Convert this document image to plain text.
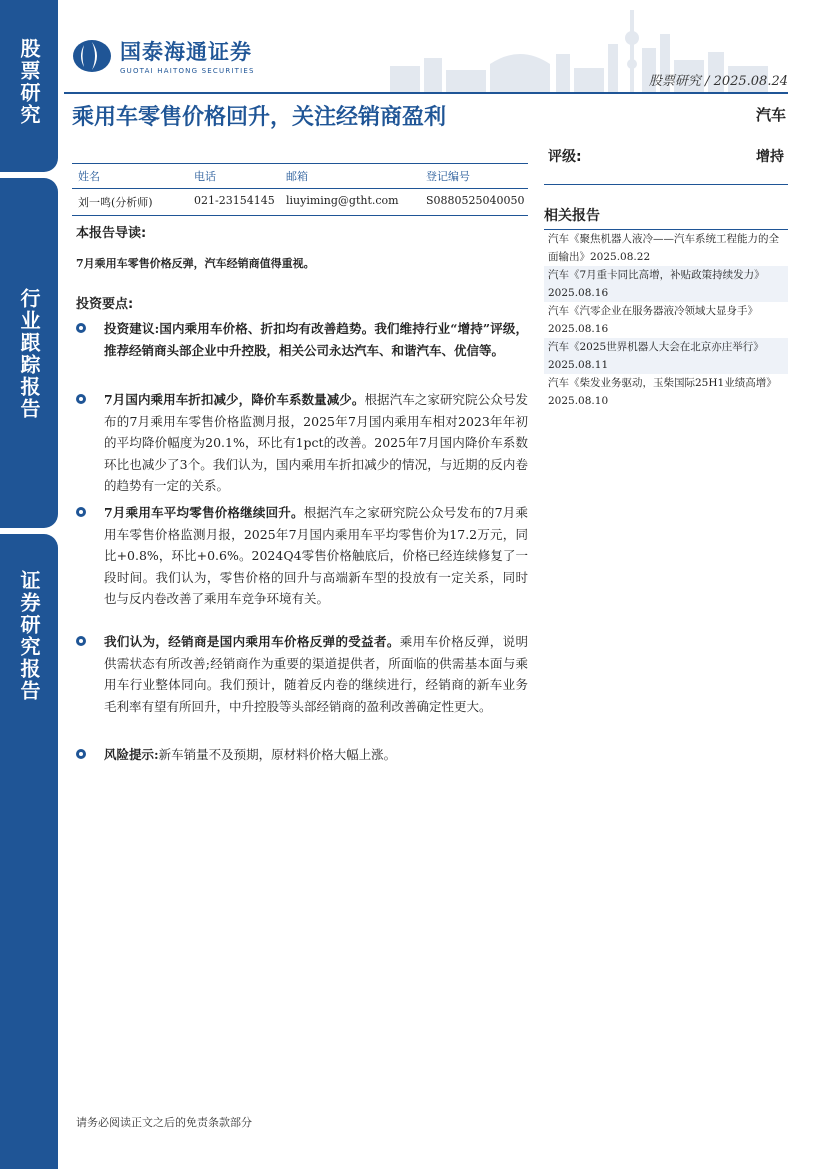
股票研究
行业跟踪报告
证券研究报告
国泰海通证券
GUOTAI HAITONG SECURITIES
股票研究 / 2025.08.24
乘用车零售价格回升，关注经销商盈利	汽车
评级:	增持
姓名	电话	邮箱	登记编号
刘一鸣(分析师)	021-23154145	liuyiming@gtht.com	S0880525040050
本报告导读:
7月乘用车零售价格反弹，汽车经销商值得重视。
投资要点:
投资建议:国内乘用车价格、折扣均有改善趋势。我们维持行业“增持”评级，推荐经销商头部企业中升控股，相关公司永达汽车、和谐汽车、优信等。
7月国内乘用车折扣减少，降价车系数量减少。根据汽车之家研究院公众号发布的7月乘用车零售价格监测月报，2025年7月国内乘用车相对2023年年初的平均降价幅度为20.1%，环比有1pct的改善。2025年7月国内降价车系数环比也减少了3个。我们认为，国内乘用车折扣减少的情况，与近期的反内卷的趋势有一定的关系。
7月乘用车平均零售价格继续回升。根据汽车之家研究院公众号发布的7月乘用车零售价格监测月报，2025年7月国内乘用车平均零售价为17.2万元，同比+0.8%，环比+0.6%。2024Q4零售价格触底后，价格已经连续修复了一段时间。我们认为，零售价格的回升与高端新车型的投放有一定关系，同时也与反内卷改善了乘用车竞争环境有关。
我们认为，经销商是国内乘用车价格反弹的受益者。乘用车价格反弹，说明供需状态有所改善;经销商作为重要的渠道提供者，所面临的供需基本面与乘用车行业整体同向。我们预计，随着反内卷的继续进行，经销商的新车业务毛利率有望有所回升，中升控股等头部经销商的盈利改善确定性更大。
风险提示:新车销量不及预期，原材料价格大幅上涨。
相关报告
汽车《聚焦机器人液冷——汽车系统工程能力的全面输出》2025.08.22
汽车《7月重卡同比高增，补贴政策持续发力》2025.08.16
汽车《汽零企业在服务器液冷领域大显身手》2025.08.16
汽车《2025世界机器人大会在北京亦庄举行》2025.08.11
汽车《柴发业务驱动，玉柴国际25H1业绩高增》2025.08.10
请务必阅读正文之后的免责条款部分
